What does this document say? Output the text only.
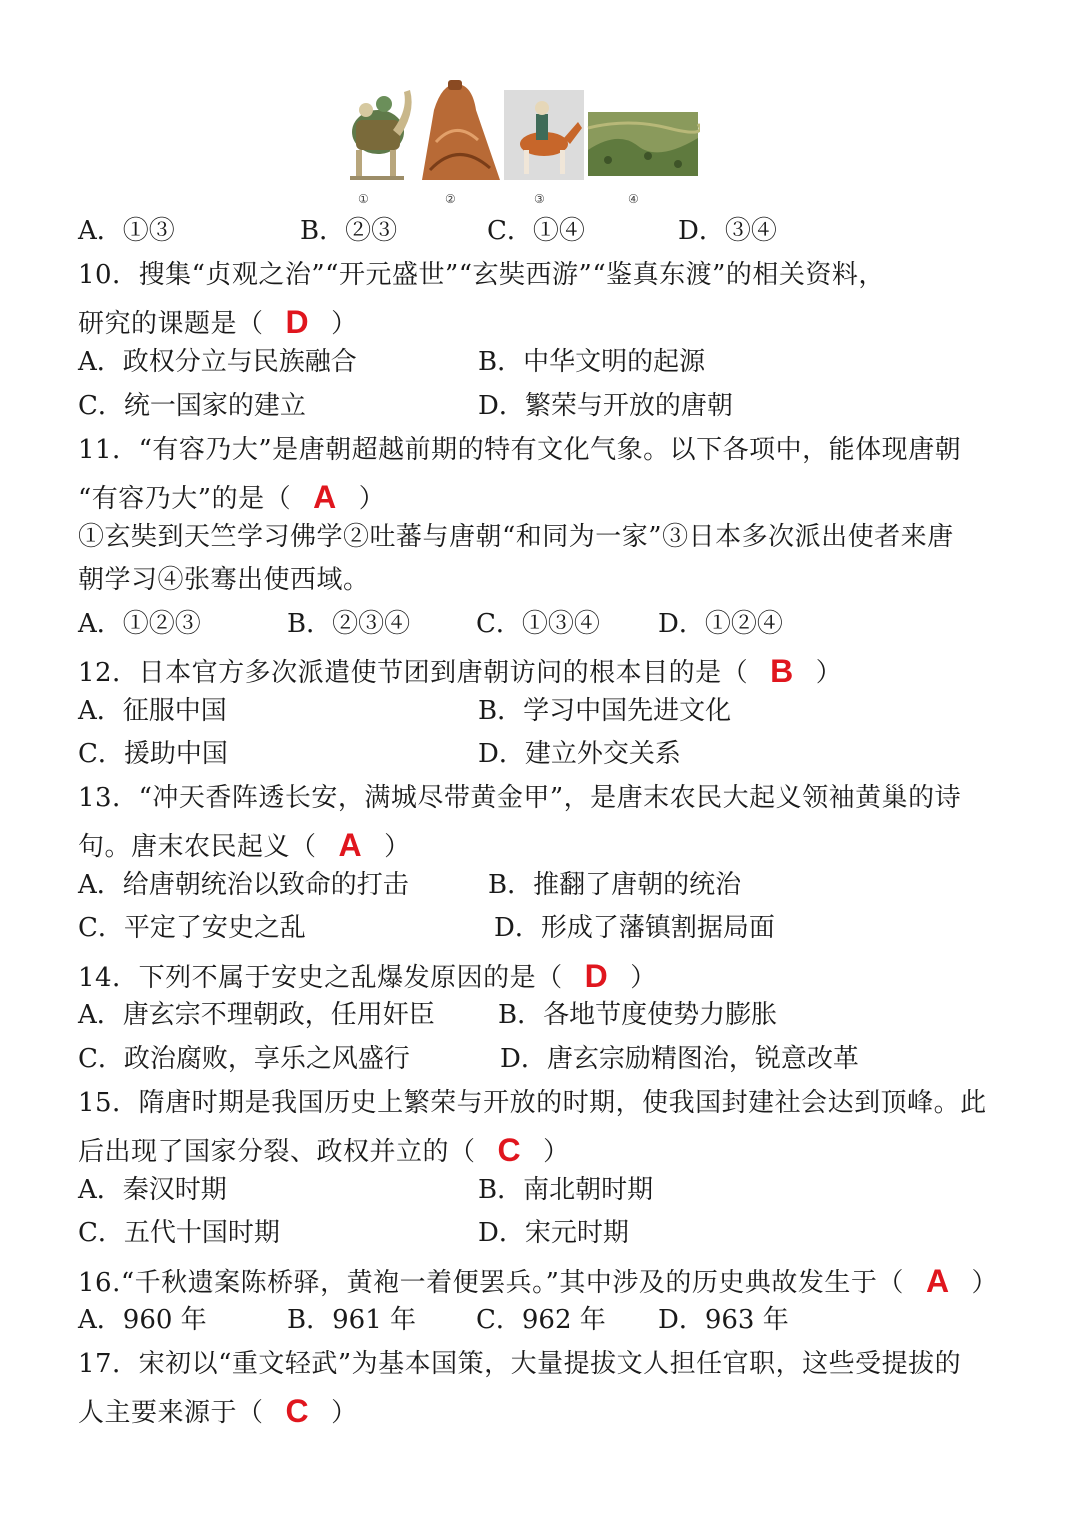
①	②	③	④
A．①③	B．②③	C．①④	D．③④
10．搜集“贞观之治”“开元盛世”“玄奘西游”“鉴真东渡”的相关资料，
研究的课题是（ D ）
A．政权分立与民族融合	B．中华文明的起源
C．统一国家的建立	D．繁荣与开放的唐朝
11．“有容乃大”是唐朝超越前期的特有文化气象。以下各项中，能体现唐朝
“有容乃大”的是（ A ）
①玄奘到天竺学习佛学②吐蕃与唐朝“和同为一家”③日本多次派出使者来唐
朝学习④张骞出使西域。
A．①②③	B．②③④	C．①③④ D．①②④
12．日本官方多次派遣使节团到唐朝访问的根本目的是（ B ）
A．征服中国	B．学习中国先进文化
C．援助中国	D．建立外交关系
13．“冲天香阵透长安，满城尽带黄金甲”，是唐末农民大起义领袖黄巢的诗
句。唐末农民起义（ A ）
A．给唐朝统治以致命的打击	B．推翻了唐朝的统治
C．平定了安史之乱	D．形成了藩镇割据局面
14．下列不属于安史之乱爆发原因的是（ D ）
A．唐玄宗不理朝政，任用奸臣 B．各地节度使势力膨胀
C．政治腐败，享乐之风盛行	D．唐玄宗励精图治，锐意改革
15．隋唐时期是我国历史上繁荣与开放的时期，使我国封建社会达到顶峰。此
后出现了国家分裂、政权并立的（ C ）
A．秦汉时期	B．南北朝时期
C．五代十国时期	D．宋元时期
16.“千秋遗案陈桥驿，黄袍一着便罢兵。”其中涉及的历史典故发生于（ A ）
A．960 年	B．961 年 C．962 年 D．963 年
17．宋初以“重文轻武”为基本国策，大量提拔文人担任官职，这些受提拔的
人主要来源于（ C ）
